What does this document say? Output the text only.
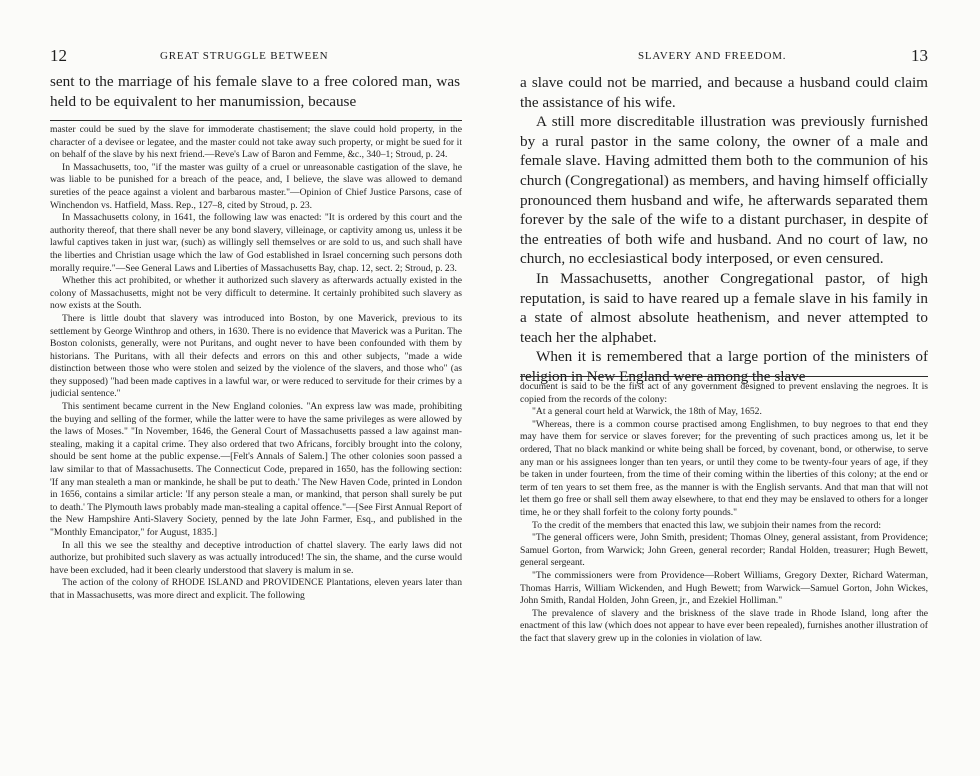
12	GREAT STRUGGLE BETWEEN

sent to the marriage of his female slave to a free colored man, was held to be equivalent to her manumission, because

master could be sued by the slave for immoderate chastisement; the slave could hold property, in the character of a devisee or legatee, and the master could not take away such property, or might be sued for it on behalf of the slave by his next friend.—Reve's Law of Baron and Femme, &c., 340–1; Stroud, p. 24.

In Massachusetts, too, "if the master was guilty of a cruel or unreasonable castigation of the slave, he was liable to be punished for a breach of the peace, and, I believe, the slave was allowed to demand sureties of the peace against a violent and barbarous master."—Opinion of Chief Justice Parsons, case of Winchendon vs. Hatfield, Mass. Rep., 127–8, cited by Stroud, p. 23.

In Massachusetts colony, in 1641, the following law was enacted: "It is ordered by this court and the authority thereof, that there shall never be any bond slavery, villeinage, or captivity among us, unless it be lawful captives taken in just war, (such) as willingly sell themselves or are sold to us, and such shall have the liberties and Christian usage which the law of God established in Israel concerning such persons doth morally require."—See General Laws and Liberties of Massachusetts Bay, chap. 12, sect. 2; Stroud, p. 23.

Whether this act prohibited, or whether it authorized such slavery as afterwards actually existed in the colony of Massachusetts, might not be very difficult to determine. It certainly prohibited such slavery as now exists at the South.

There is little doubt that slavery was introduced into Boston, by one Maverick, previous to its settlement by George Winthrop and others, in 1630. There is no evidence that Maverick was a Puritan. The Boston colonists, generally, were not Puritans, and ought never to have been confounded with them by historians. The Puritans, with all their defects and errors on this and other subjects, "made a wide distinction between those who were stolen and seized by the violence of the slavers, and those who" (as they supposed) "had been made captives in a lawful war, or were reduced to servitude for their crimes by a judicial sentence."

This sentiment became current in the New England colonies. "An express law was made, prohibiting the buying and selling of the former, while the latter were to have the same privileges as were allowed by the laws of Moses." "In November, 1646, the General Court of Massachusetts passed a law against man-stealing, making it a capital crime. They also ordered that two Africans, forcibly brought into the colony, should be sent home at the public expense.—[Felt's Annals of Salem.] The other colonies soon passed a law similar to that of Massachusetts. The Connecticut Code, prepared in 1650, has the following section: 'If any man stealeth a man or mankinde, he shall be put to death.' The New Haven Code, printed in London in 1656, contains a similar article: 'If any person steale a man, or mankind, that person shall surely be put to death.' The Plymouth laws probably made man-stealing a capital offence."—[See First Annual Report of the New Hampshire Anti-Slavery Society, penned by the late John Farmer, Esq., and published in the "Monthly Emancipator," for August, 1835.]

In all this we see the stealthy and deceptive introduction of chattel slavery. The early laws did not authorize, but prohibited such slavery as was actually introduced! The sin, the shame, and the curse would have been excluded, had it been clearly understood that slavery is malum in se.

The action of the colony of RHODE ISLAND and PROVIDENCE Plantations, eleven years later than that in Massachusetts, was more direct and explicit. The following

SLAVERY AND FREEDOM.	13

a slave could not be married, and because a husband could claim the assistance of his wife.

A still more discreditable illustration was previously furnished by a rural pastor in the same colony, the owner of a male and female slave. Having admitted them both to the communion of his church (Congregational) as members, and having himself officially pronounced them husband and wife, he afterwards separated them forever by the sale of the wife to a distant purchaser, in despite of the entreaties of both wife and husband. And no court of law, no church, no ecclesiastical body interposed, or even censured.

In Massachusetts, another Congregational pastor, of high reputation, is said to have reared up a female slave in his family in a state of almost absolute heathenism, and never attempted to teach her the alphabet.

When it is remembered that a large portion of the ministers of religion in New England were among the slave

document is said to be the first act of any government designed to prevent enslaving the negroes. It is copied from the records of the colony:

"At a general court held at Warwick, the 18th of May, 1652.

"Whereas, there is a common course practised among Englishmen, to buy negroes to that end they may have them for service or slaves forever; for the preventing of such practices among us, let it be ordered, That no black mankind or white being shall be forced, by covenant, bond, or otherwise, to serve any man or his assignees longer than ten years, or until they come to be twenty-four years of age, if they be taken in under fourteen, from the time of their coming within the liberties of this colony; at the end or term of ten years to set them free, as the manner is with the English servants. And that man that will not let them go free or shall sell them away elsewhere, to that end they may be enslaved to others for a longer time, he or they shall forfeit to the colony forty pounds."

To the credit of the members that enacted this law, we subjoin their names from the record:

"The general officers were, John Smith, president; Thomas Olney, general assistant, from Providence; Samuel Gorton, from Warwick; John Green, general recorder; Randal Holden, treasurer; Hugh Bewett, general sergeant.

"The commissioners were from Providence—Robert Williams, Gregory Dexter, Richard Waterman, Thomas Harris, William Wickenden, and Hugh Bewett; from Warwick—Samuel Gorton, John Wickes, John Smith, Randal Holden, John Green, jr., and Ezekiel Holliman."

The prevalence of slavery and the briskness of the slave trade in Rhode Island, long after the enactment of this law (which does not appear to have ever been repealed), furnishes another illustration of the fact that slavery grew up in the colonies in violation of law.
